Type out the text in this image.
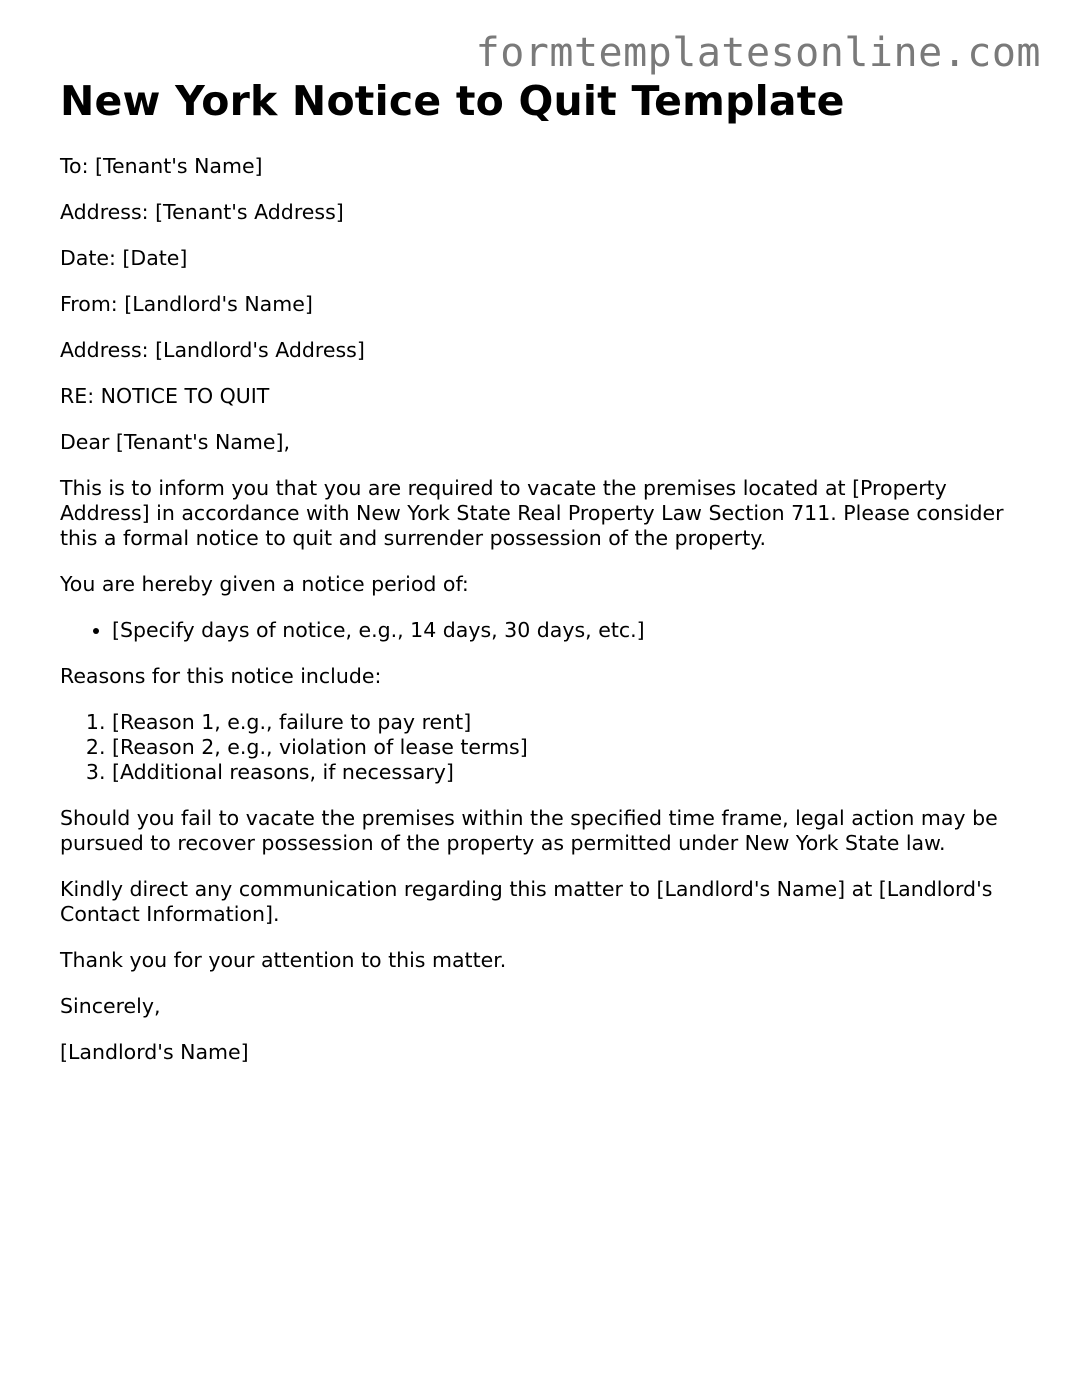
formtemplatesonline.com
New York Notice to Quit Template

To: [Tenant's Name]

Address: [Tenant's Address]

Date: [Date]

From: [Landlord's Name]

Address: [Landlord's Address]

RE: NOTICE TO QUIT

Dear [Tenant's Name],

This is to inform you that you are required to vacate the premises located at [Property Address] in accordance with New York State Real Property Law Section 711. Please consider this a formal notice to quit and surrender possession of the property.

You are hereby given a notice period of:

• [Specify days of notice, e.g., 14 days, 30 days, etc.]

Reasons for this notice include:

1. [Reason 1, e.g., failure to pay rent]
2. [Reason 2, e.g., violation of lease terms]
3. [Additional reasons, if necessary]

Should you fail to vacate the premises within the specified time frame, legal action may be pursued to recover possession of the property as permitted under New York State law.

Kindly direct any communication regarding this matter to [Landlord's Name] at [Landlord's Contact Information].

Thank you for your attention to this matter.

Sincerely,

[Landlord's Name]
